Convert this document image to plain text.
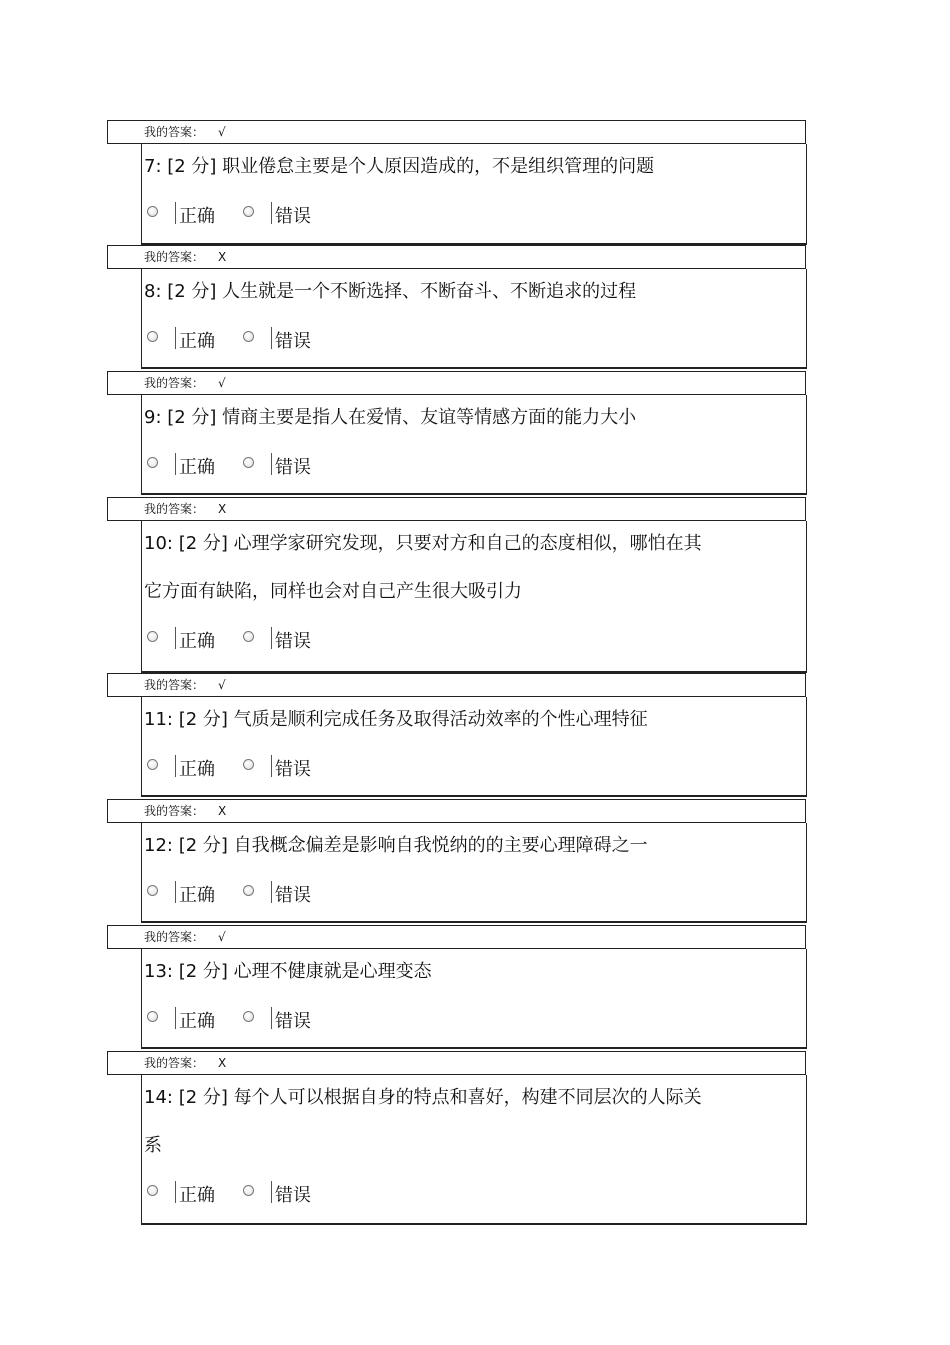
我的答案： √
7: [2 分] 职业倦怠主要是个人原因造成的，不是组织管理的问题
正确	错误
我的答案： X
8: [2 分] 人生就是一个不断选择、不断奋斗、不断追求的过程
正确	错误
我的答案： √
9: [2 分] 情商主要是指人在爱情、友谊等情感方面的能力大小
正确	错误
我的答案： X
10: [2 分] 心理学家研究发现，只要对方和自己的态度相似，哪怕在其
它方面有缺陷，同样也会对自己产生很大吸引力
正确	错误
我的答案： √
11: [2 分] 气质是顺利完成任务及取得活动效率的个性心理特征
正确	错误
我的答案： X
12: [2 分] 自我概念偏差是影响自我悦纳的的主要心理障碍之一
正确	错误
我的答案： √
13: [2 分] 心理不健康就是心理变态
正确	错误
我的答案： X
14: [2 分] 每个人可以根据自身的特点和喜好，构建不同层次的人际关
系
正确	错误
